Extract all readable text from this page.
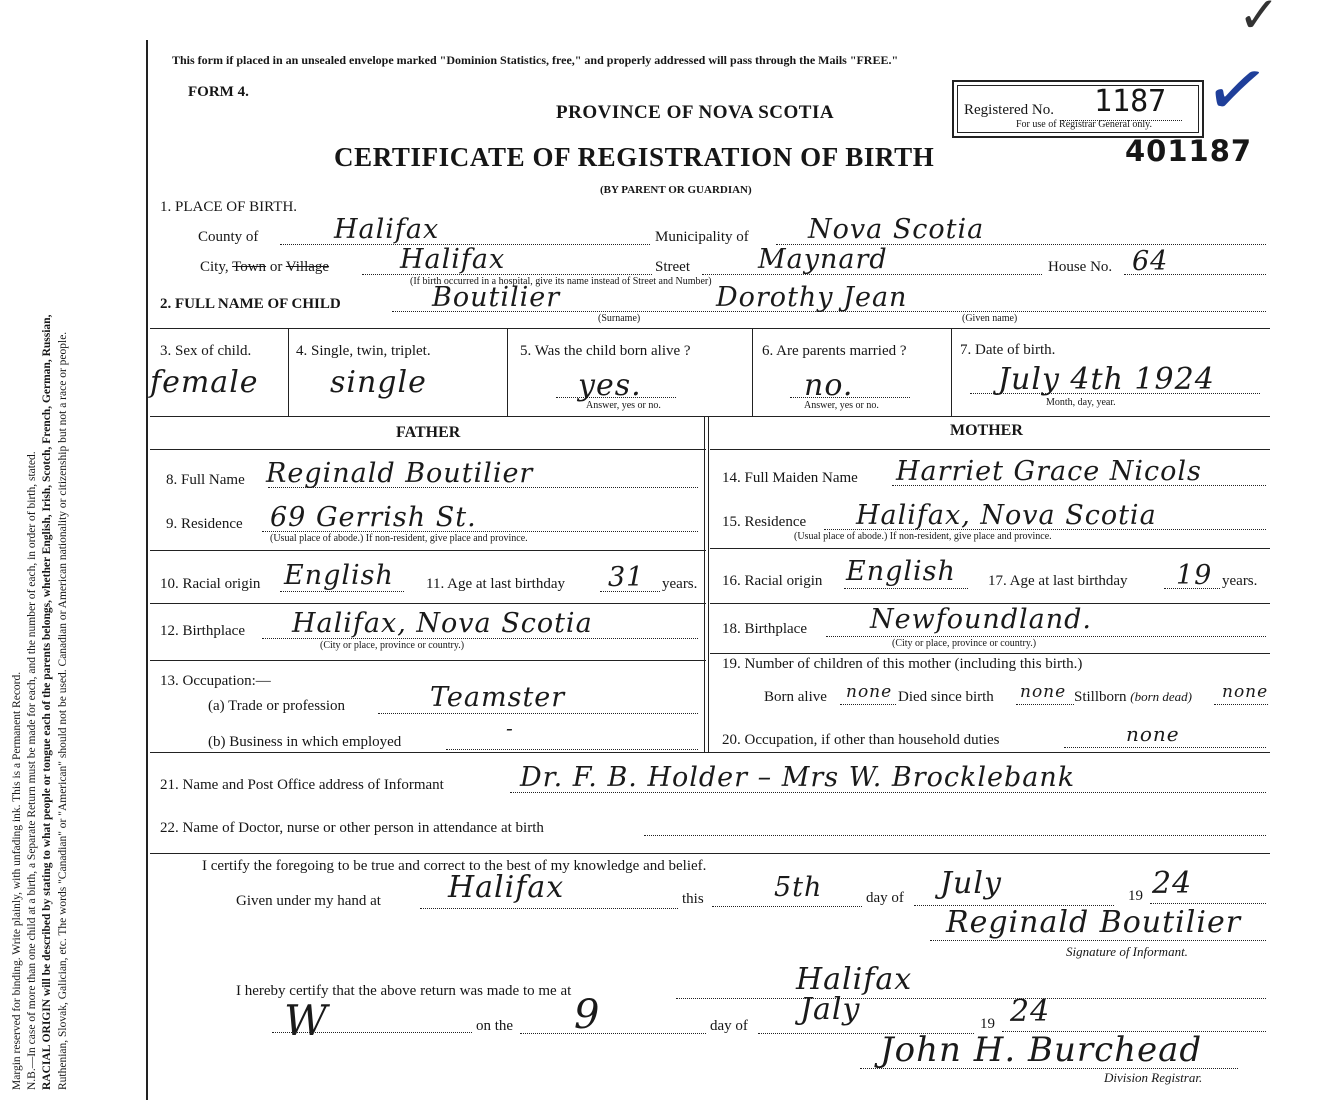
Margin reserved for binding. Write plainly, with unfading ink. This is a Permanent Record. N.B.—In case of more than one child at a birth, a Separate Return must be made for each, and the number of each, in order of birth, stated. RACIAL ORIGIN will be described by stating to what people or tongue each of the parents belongs, whether English, Irish, Scotch, French, German, Russian, Ruthenian, Slovak, Galician, etc. The words "Canadian" or "American" should not be used. Canadian or American nationality or citizenship but not a race or people.
This form if placed in an unsealed envelope marked "Dominion Statistics, free," and properly addressed will pass through the Mails "FREE."
FORM 4.
PROVINCE OF NOVA SCOTIA
CERTIFICATE OF REGISTRATION OF BIRTH
(BY PARENT OR GUARDIAN)
Registered No. 1187
For use of Registrar General only.
401187
✓
✓
1. PLACE OF BIRTH.
County of	Halifax	Municipality of Nova Scotia
City, Town or Village	Halifax	Street	Maynard	House No. 64
(If birth occurred in a hospital, give its name instead of Street and Number)
2. FULL NAME OF CHILD	Boutilier	Dorothy Jean
(Surname)	(Given name)
3. Sex of child.
female
4. Single, twin, triplet.
single
5. Was the child born alive ?
yes.
Answer, yes or no.
6. Are parents married ?
no.
Answer, yes or no.
7. Date of birth.
July 4th 1924
Month, day, year.
FATHER	MOTHER
8. Full Name Reginald Boutilier
9. Residence 69 Gerrish St.
(Usual place of abode.) If non-resident, give place and province.
10. Racial origin English 11. Age at last birthday 31 years.
12. Birthplace Halifax, Nova Scotia
(City or place, province or country.)
13. Occupation:—
(a) Trade or profession	Teamster
(b) Business in which employed
-
14. Full Maiden Name Harriet Grace Nicols
15. Residence Halifax, Nova Scotia
(Usual place of abode.) If non-resident, give place and province.
16. Racial origin English 17. Age at last birthday 19 years.
18. Birthplace Newfoundland.
(City or place, province or country.)
19. Number of children of this mother (including this birth.)
Born alive none Died since birth none Stillborn (born dead) none
20. Occupation, if other than household duties	none
21. Name and Post Office address of Informant	Dr. F. B. Holder – Mrs W. Brocklebank
22. Name of Doctor, nurse or other person in attendance at birth
I certify the foregoing to be true and correct to the best of my knowledge and belief.
Given under my hand at Halifax	this	5th	day of July	19 24
Reginald Boutilier
Signature of Informant.
I hereby certify that the above return was made to me at	Halifax
W	on the 9	day of Jaly	19 24
John H. Burchead
Division Registrar.
